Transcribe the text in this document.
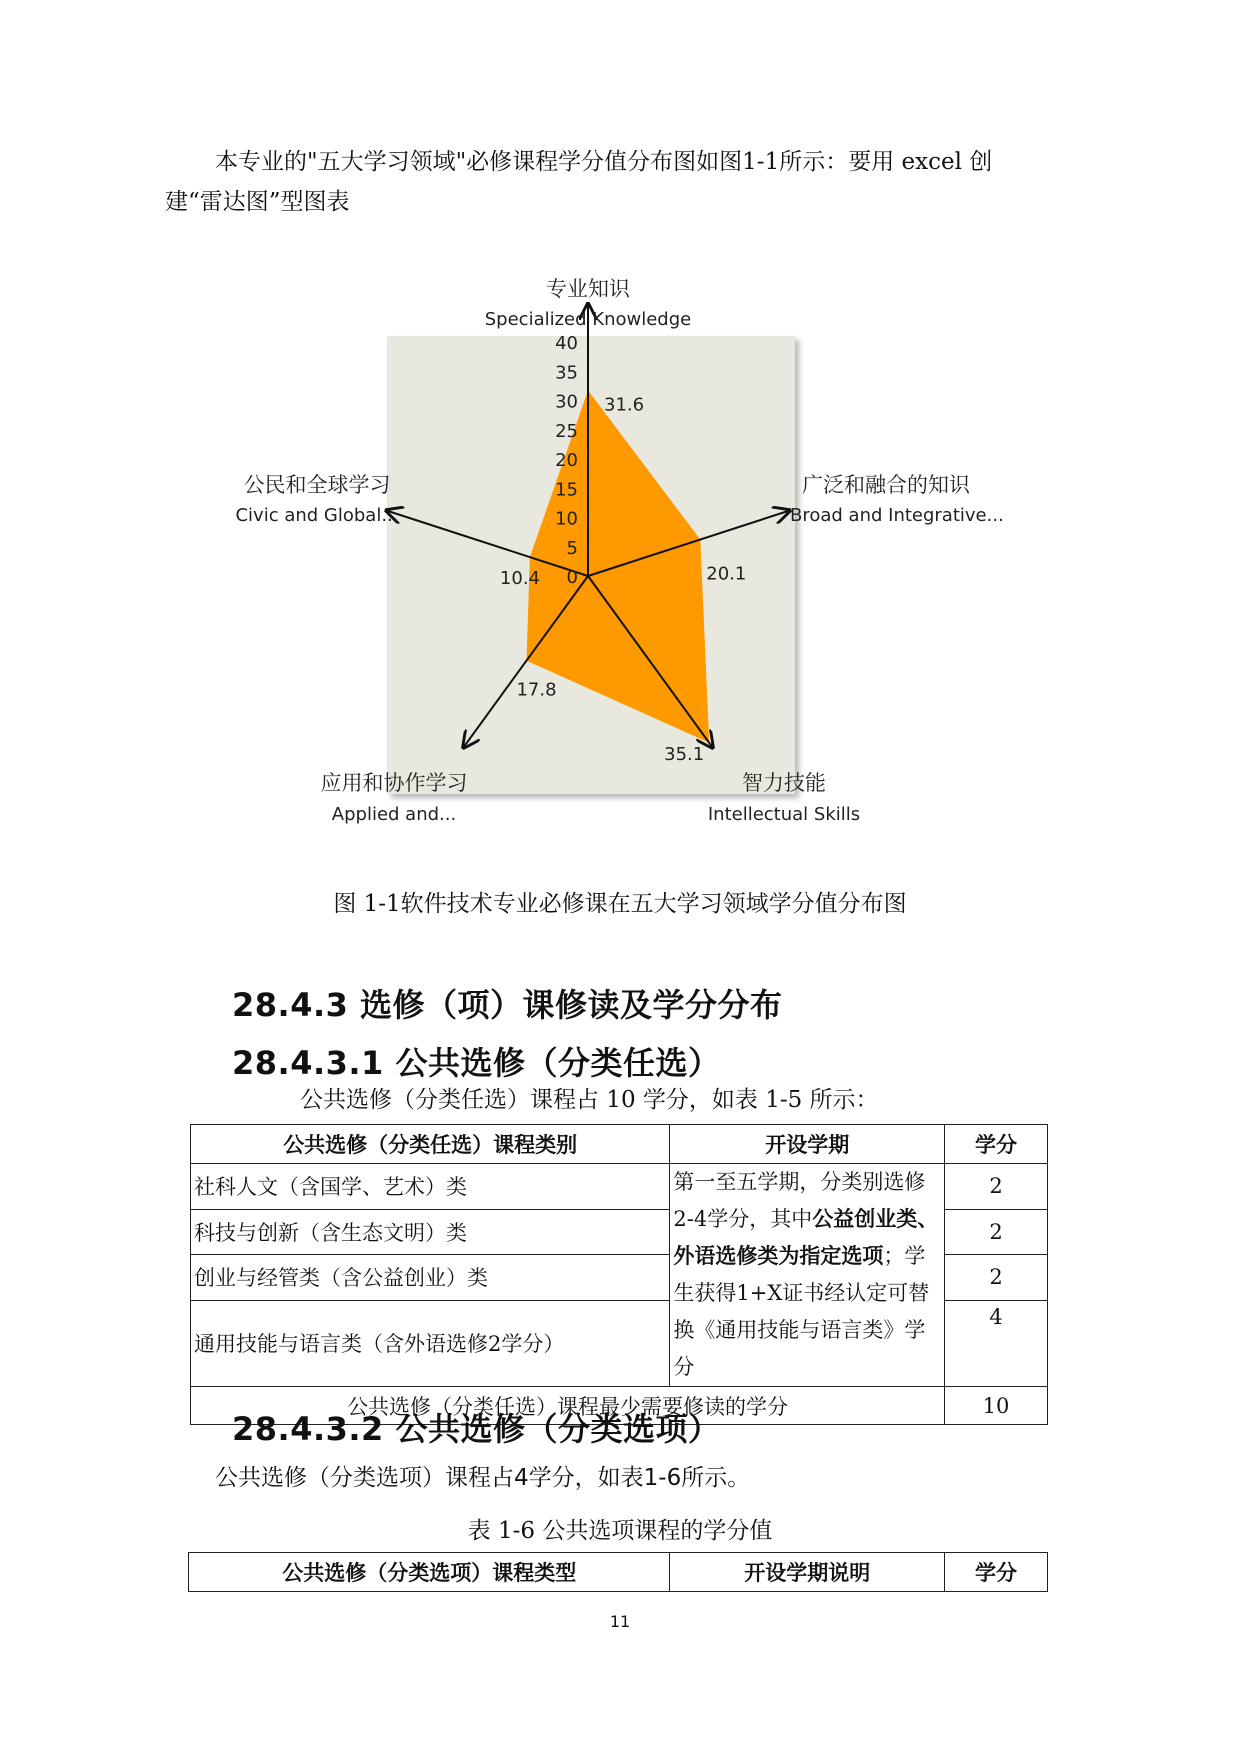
本专业的"五大学习领域"必修课程学分值分布图如图1-1所示：要用 excel 创
建“雷达图”型图表
40
35
30
25
20
15
10
5
0
专业知识
Specialized Knowledge
广泛和融合的知识
Broad and Integrative...
智力技能
Intellectual Skills
应用和协作学习
Applied and...
公民和全球学习
Civic and Global...
31.6
20.1
35.1
17.8
10.4
图 1-1软件技术专业必修课在五大学习领域学分值分布图
28.4.3 选修（项）课修读及学分分布
28.4.3.1 公共选修（分类任选）
公共选修（分类任选）课程占 10 学分，如表 1-5 所示：
公共选修（分类任选）课程类别	开设学期	学分
社科人文（含国学、艺术）类	第一至五学期，分类别选修2-4学分，其中公益创业类、外语选修类为指定选项；学生获得1+X证书经认定可替换《通用技能与语言类》学分	2
科技与创新（含生态文明）类		2
创业与经管类（含公益创业）类		2
通用技能与语言类（含外语选修2学分）		4
公共选修（分类任选）课程最少需要修读的学分		10
28.4.3.2 公共选修（分类选项）
公共选修（分类选项）课程占4学分，如表1-6所示。
表 1-6 公共选项课程的学分值
公共选修（分类选项）课程类型	开设学期说明	学分
11
